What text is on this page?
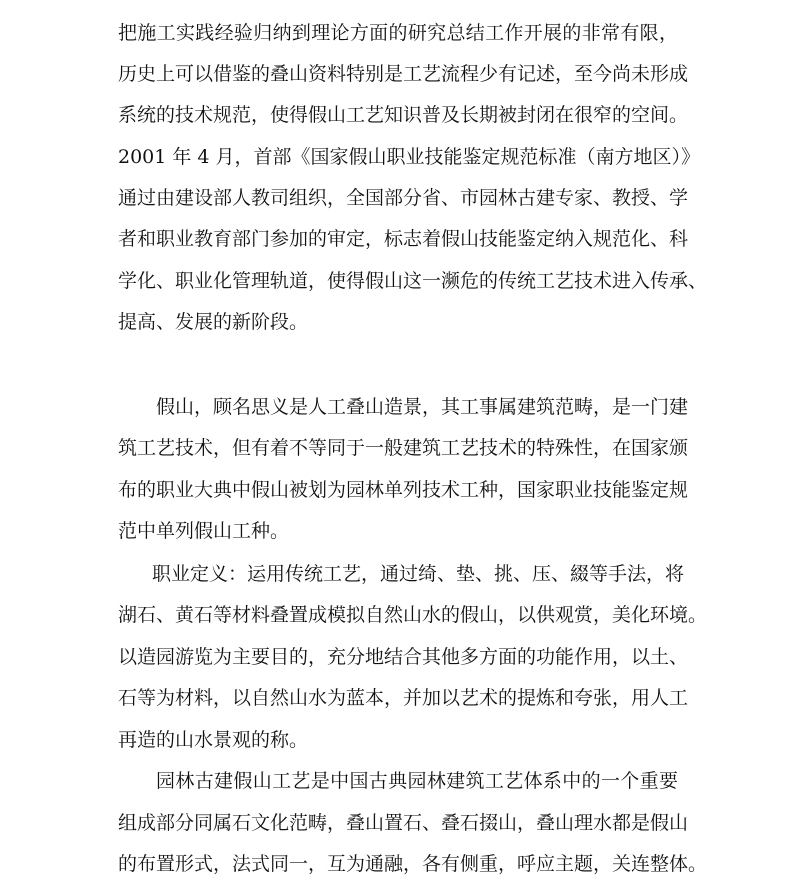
把施工实践经验归纳到理论方面的研究总结工作开展的非常有限，
历史上可以借鉴的叠山资料特别是工艺流程少有记述，至今尚未形成
系统的技术规范，使得假山工艺知识普及长期被封闭在很窄的空间。
2001 年 4 月，首部《国家假山职业技能鉴定规范标准（南方地区）》
通过由建设部人教司组织，全国部分省、市园林古建专家、教授、学
者和职业教育部门参加的审定，标志着假山技能鉴定纳入规范化、科
学化、职业化管理轨道，使得假山这一濒危的传统工艺技术进入传承、
提高、发展的新阶段。
假山，顾名思义是人工叠山造景，其工事属建筑范畴，是一门建
筑工艺技术，但有着不等同于一般建筑工艺技术的特殊性，在国家颁
布的职业大典中假山被划为园林单列技术工种，国家职业技能鉴定规
范中单列假山工种。
职业定义：运用传统工艺，通过绮、垫、挑、压、綴等手法，将
湖石、黄石等材料叠置成模拟自然山水的假山，以供观赏，美化环境。
以造园游览为主要目的，充分地结合其他多方面的功能作用，以土、
石等为材料，以自然山水为蓝本，并加以艺术的提炼和夸张，用人工
再造的山水景观的称。
园林古建假山工艺是中国古典园林建筑工艺体系中的一个重要
组成部分同属石文化范畴，叠山置石、叠石掇山，叠山理水都是假山
的布置形式，法式同一，互为通融，各有侧重，呼应主题，关连整体。
